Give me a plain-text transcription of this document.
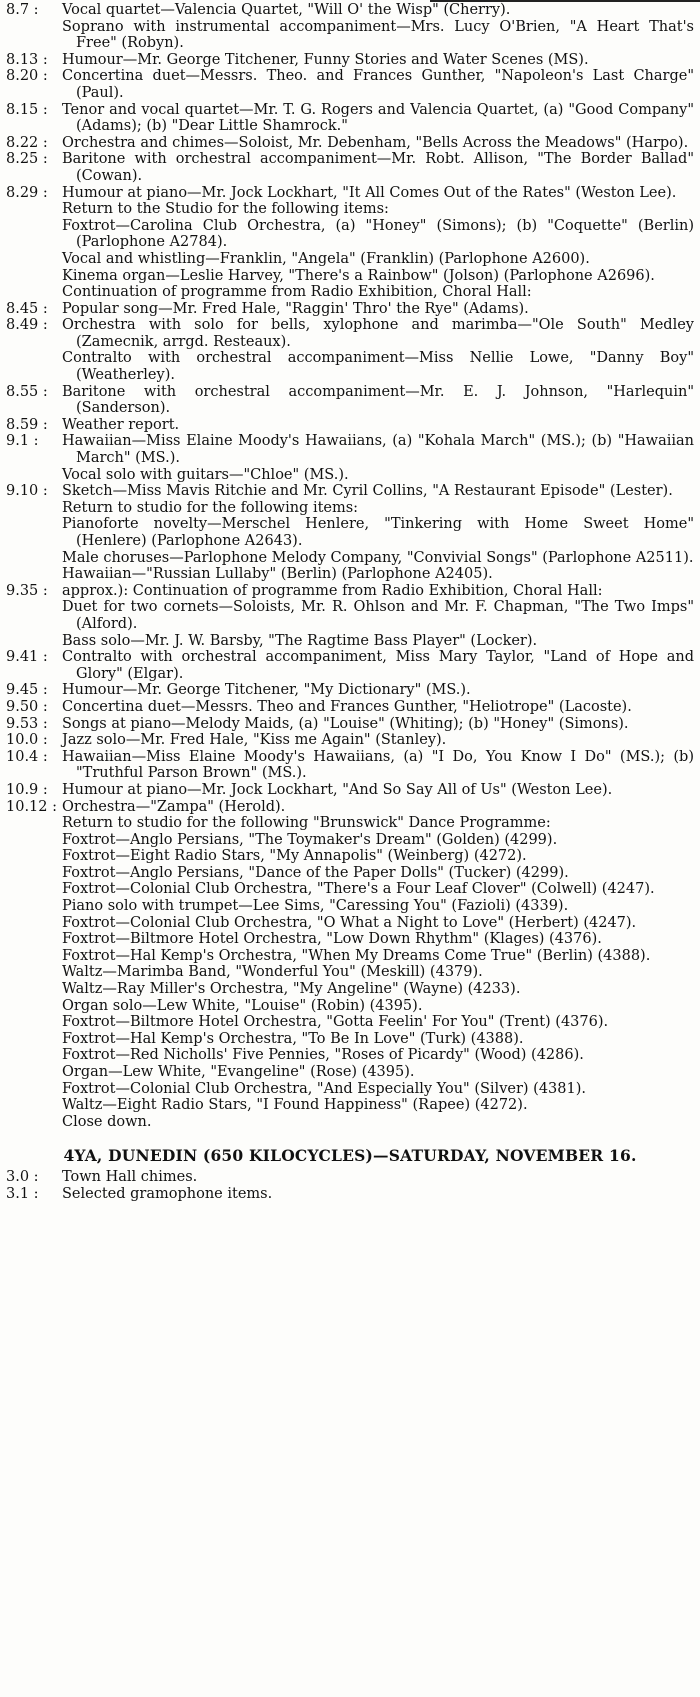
8.7 :	Vocal quartet—Valencia Quartet, "Will O' the Wisp" (Cherry).
Soprano with instrumental accompaniment—Mrs. Lucy O'Brien, "A Heart That's Free" (Robyn).
8.13 : Humour—Mr. George Titchener, Funny Stories and Water Scenes (MS).
8.20 : Concertina duet—Messrs. Theo. and Frances Gunther, "Napoleon's Last Charge" (Paul).
8.15 : Tenor and vocal quartet—Mr. T. G. Rogers and Valencia Quartet, (a) "Good Company" (Adams); (b) "Dear Little Shamrock."
8.22 : Orchestra and chimes—Soloist, Mr. Debenham, "Bells Across the Meadows" (Harpo).
8.25 : Baritone with orchestral accompaniment—Mr. Robt. Allison, "The Border Ballad" (Cowan).
8.29 : Humour at piano—Mr. Jock Lockhart, "It All Comes Out of the Rates" (Weston Lee).
Return to the Studio for the following items:
Foxtrot—Carolina Club Orchestra, (a) "Honey" (Simons); (b) "Coquette" (Berlin) (Parlophone A2784).
Vocal and whistling—Franklin, "Angela" (Franklin) (Parlophone A2600).
Kinema organ—Leslie Harvey, "There's a Rainbow" (Jolson) (Parlophone A2696).
Continuation of programme from Radio Exhibition, Choral Hall:
8.45 : Popular song—Mr. Fred Hale, "Raggin' Thro' the Rye" (Adams).
8.49 : Orchestra with solo for bells, xylophone and marimba—"Ole South" Medley (Zamecnik, arrgd. Resteaux).
Contralto with orchestral accompaniment—Miss Nellie Lowe, "Danny Boy" (Weatherley).
8.55 : Baritone with orchestral accompaniment—Mr. E. J. Johnson, "Harlequin" (Sanderson).
8.59 : Weather report.
9.1 :	Hawaiian—Miss Elaine Moody's Hawaiians, (a) "Kohala March" (MS.); (b) "Hawaiian March" (MS.).
Vocal solo with guitars—"Chloe" (MS.).
9.10 : Sketch—Miss Mavis Ritchie and Mr. Cyril Collins, "A Restaurant Episode" (Lester).
Return to studio for the following items:
Pianoforte novelty—Merschel Henlere, "Tinkering with Home Sweet Home" (Henlere) (Parlophone A2643).
Male choruses—Parlophone Melody Company, "Convivial Songs" (Parlophone A2511).
Hawaiian—"Russian Lullaby" (Berlin) (Parlophone A2405).
9.35 : approx.): Continuation of programme from Radio Exhibition, Choral Hall:
Duet for two cornets—Soloists, Mr. R. Ohlson and Mr. F. Chapman, "The Two Imps" (Alford).
Bass solo—Mr. J. W. Barsby, "The Ragtime Bass Player" (Locker).
9.41 : Contralto with orchestral accompaniment, Miss Mary Taylor, "Land of Hope and Glory" (Elgar).
9.45 : Humour—Mr. George Titchener, "My Dictionary" (MS.).
9.50 : Concertina duet—Messrs. Theo and Frances Gunther, "Heliotrope" (Lacoste).
9.53 : Songs at piano—Melody Maids, (a) "Louise" (Whiting); (b) "Honey" (Simons).
10.0 : Jazz solo—Mr. Fred Hale, "Kiss me Again" (Stanley).
10.4 : Hawaiian—Miss Elaine Moody's Hawaiians, (a) "I Do, You Know I Do" (MS.); (b) "Truthful Parson Brown" (MS.).
10.9 : Humour at piano—Mr. Jock Lockhart, "And So Say All of Us" (Weston Lee).
10.12 : Orchestra—"Zampa" (Herold).
Return to studio for the following "Brunswick" Dance Programme:
Foxtrot—Anglo Persians, "The Toymaker's Dream" (Golden) (4299).
Foxtrot—Eight Radio Stars, "My Annapolis" (Weinberg) (4272).
Foxtrot—Anglo Persians, "Dance of the Paper Dolls" (Tucker) (4299).
Foxtrot—Colonial Club Orchestra, "There's a Four Leaf Clover" (Colwell) (4247).
Piano solo with trumpet—Lee Sims, "Caressing You" (Fazioli) (4339).
Foxtrot—Colonial Club Orchestra, "O What a Night to Love" (Herbert) (4247).
Foxtrot—Biltmore Hotel Orchestra, "Low Down Rhythm" (Klages) (4376).
Foxtrot—Hal Kemp's Orchestra, "When My Dreams Come True" (Berlin) (4388).
Waltz—Marimba Band, "Wonderful You" (Meskill) (4379).
Waltz—Ray Miller's Orchestra, "My Angeline" (Wayne) (4233).
Organ solo—Lew White, "Louise" (Robin) (4395).
Foxtrot—Biltmore Hotel Orchestra, "Gotta Feelin' For You" (Trent) (4376).
Foxtrot—Hal Kemp's Orchestra, "To Be In Love" (Turk) (4388).
Foxtrot—Red Nicholls' Five Pennies, "Roses of Picardy" (Wood) (4286).
Organ—Lew White, "Evangeline" (Rose) (4395).
Foxtrot—Colonial Club Orchestra, "And Especially You" (Silver) (4381).
Waltz—Eight Radio Stars, "I Found Happiness" (Rapee) (4272).
Close down.
4YA, DUNEDIN (650 KILOCYCLES)—SATURDAY, NOVEMBER 16.
3.0 :	Town Hall chimes.
3.1 :	Selected gramophone items.
